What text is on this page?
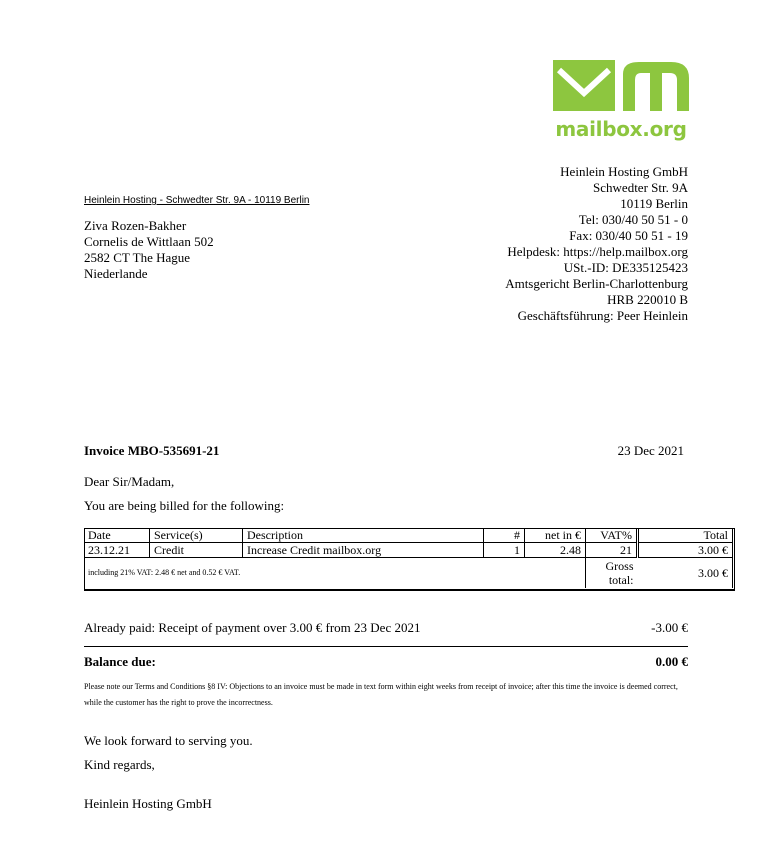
mailbox.org
Heinlein Hosting GmbH
Schwedter Str. 9A
10119 Berlin
Tel: 030/40 50 51 - 0
Fax: 030/40 50 51 - 19
Helpdesk: https://help.mailbox.org
USt.-ID: DE335125423
Amtsgericht Berlin-Charlottenburg
HRB 220010 B
Geschäftsführung: Peer Heinlein
Heinlein Hosting - Schwedter Str. 9A - 10119 Berlin
Ziva Rozen-Bakher
Cornelis de Wittlaan 502
2582 CT The Hague
Niederlande
Invoice MBO-535691-21	23 Dec 2021
Dear Sir/Madam,
You are being billed for the following:
Date	Service(s)	Description	#	net in €	VAT%	Total
23.12.21	Credit	Increase Credit mailbox.org	1	2.48	21	3.00 €
including 21% VAT: 2.48 € net and 0.52 € VAT.					Gross total:	3.00 €
Already paid: Receipt of payment over 3.00 € from 23 Dec 2021	-3.00 €
Balance due:	0.00 €
Please note our Terms and Conditions §8 IV: Objections to an invoice must be made in text form within eight weeks from receipt of invoice; after this time the invoice is deemed correct, while the customer has the right to prove the incorrectness.
We look forward to serving you.
Kind regards,
Heinlein Hosting GmbH
